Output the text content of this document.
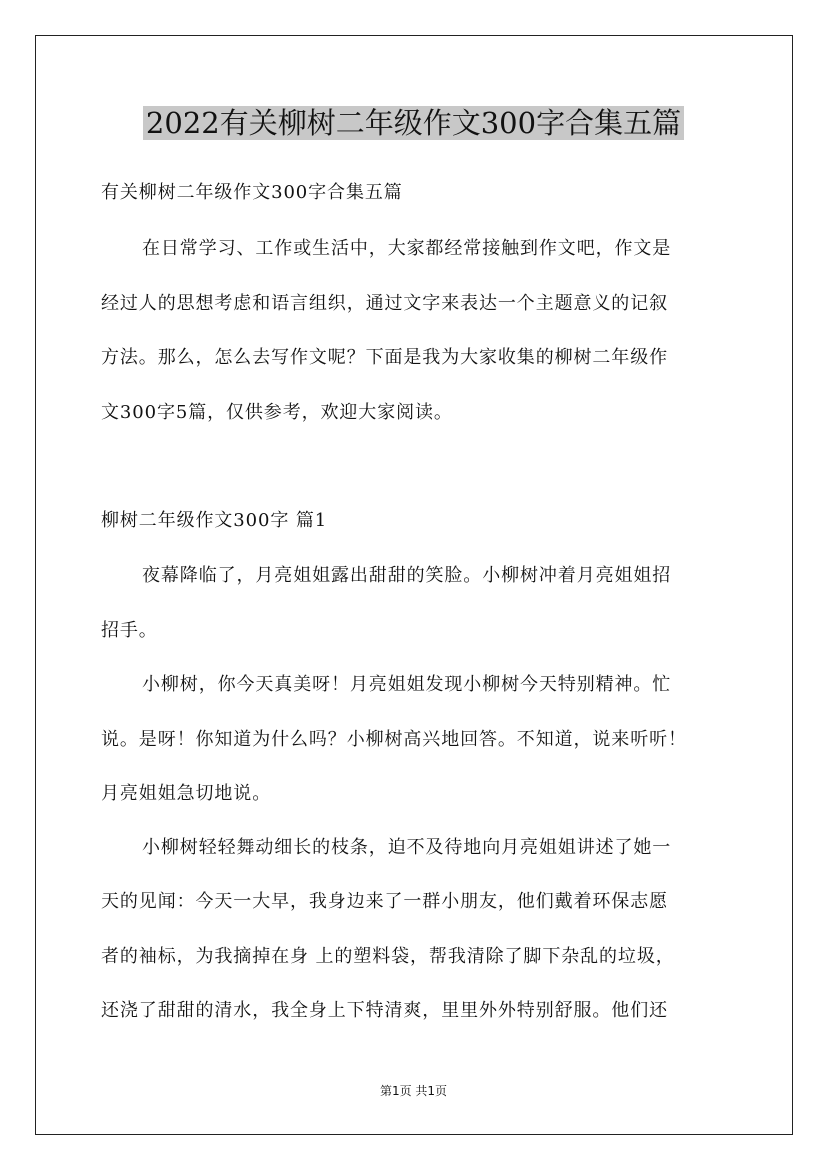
2022有关柳树二年级作文300字合集五篇
有关柳树二年级作文300字合集五篇
在日常学习、工作或生活中，大家都经常接触到作文吧，作文是
经过人的思想考虑和语言组织，通过文字来表达一个主题意义的记叙
方法。那么，怎么去写作文呢？下面是我为大家收集的柳树二年级作
文300字5篇，仅供参考，欢迎大家阅读。
柳树二年级作文300字 篇1
夜幕降临了，月亮姐姐露出甜甜的笑脸。小柳树冲着月亮姐姐招
招手。
小柳树，你今天真美呀！月亮姐姐发现小柳树今天特别精神。忙
说。是呀！你知道为什么吗？小柳树高兴地回答。不知道，说来听听！
月亮姐姐急切地说。
小柳树轻轻舞动细长的枝条，迫不及待地向月亮姐姐讲述了她一
天的见闻：今天一大早，我身边来了一群小朋友，他们戴着环保志愿
者的袖标，为我摘掉在身 上的塑料袋，帮我清除了脚下杂乱的垃圾，
还浇了甜甜的清水，我全身上下特清爽，里里外外特别舒服。他们还
第1页 共1页
